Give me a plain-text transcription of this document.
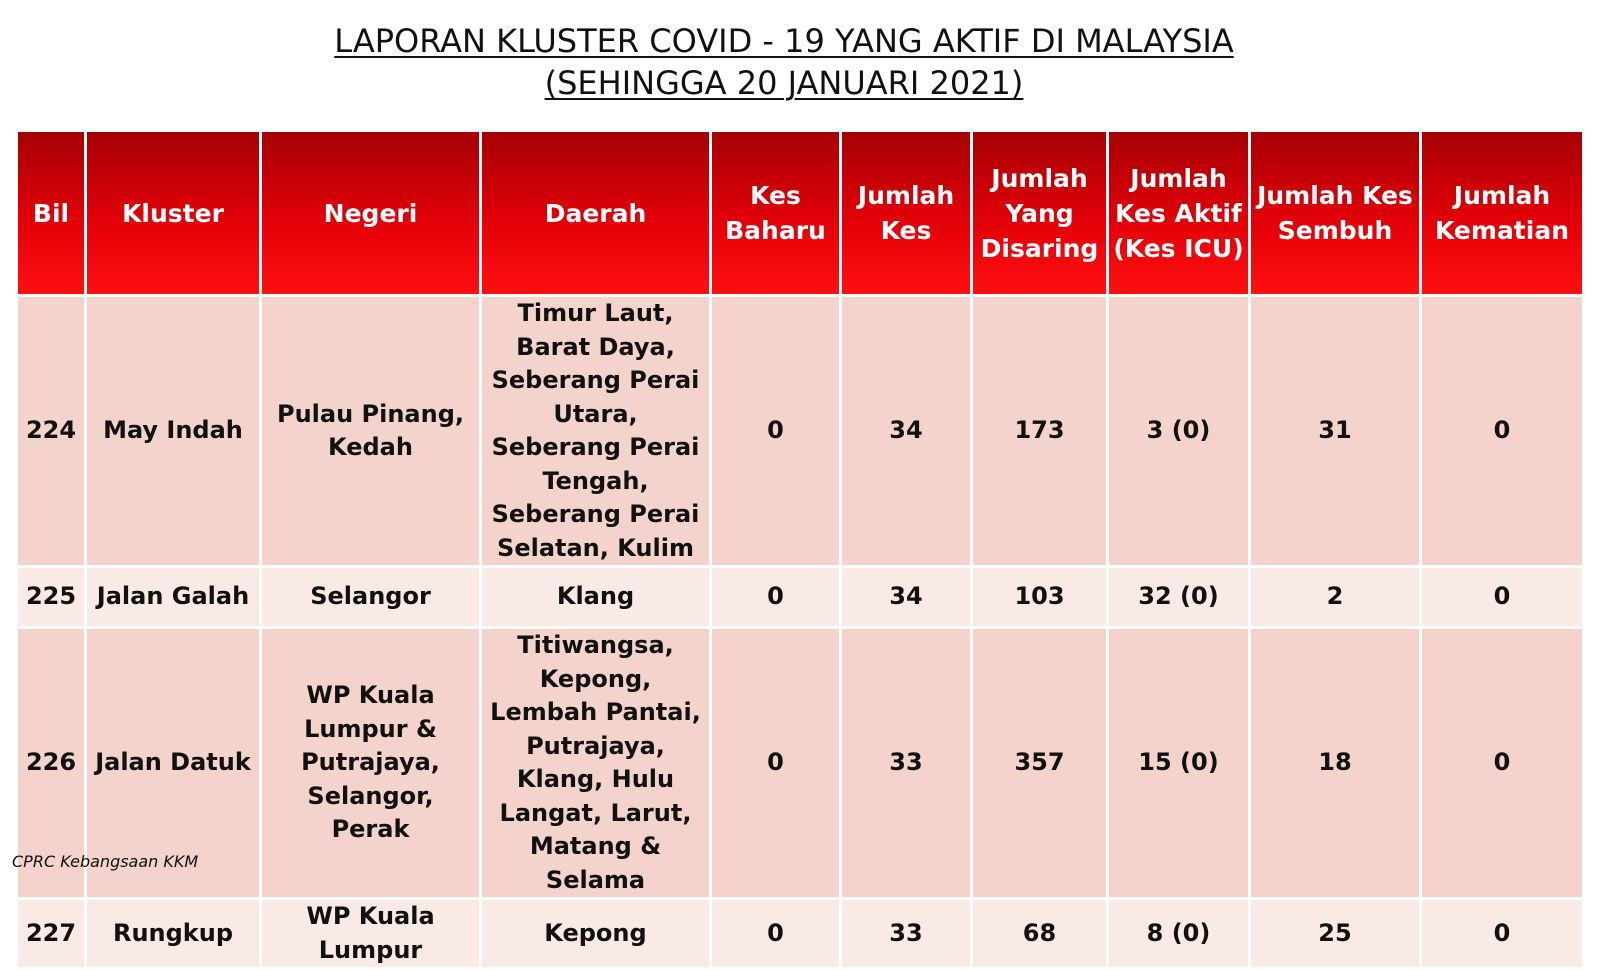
LAPORAN KLUSTER COVID - 19 YANG AKTIF DI MALAYSIA
(SEHINGGA 20 JANUARI 2021)
Bil	Kluster	Negeri	Daerah	Kes Baharu	Jumlah Kes	Jumlah Yang Disaring	Jumlah Kes Aktif (Kes ICU)	Jumlah Kes Sembuh	Jumlah Kematian
224	May Indah	Pulau Pinang, Kedah	Timur Laut, Barat Daya, Seberang Perai Utara, Seberang Perai Tengah, Seberang Perai Selatan, Kulim	0	34	173	3 (0)	31	0
225	Jalan Galah	Selangor	Klang	0	34	103	32 (0)	2	0
226	Jalan Datuk	WP Kuala Lumpur & Putrajaya, Selangor, Perak	Titiwangsa, Kepong, Lembah Pantai, Putrajaya, Klang, Hulu Langat, Larut, Matang & Selama	0	33	357	15 (0)	18	0
227	Rungkup	WP Kuala Lumpur	Kepong	0	33	68	8 (0)	25	0
CPRC Kebangsaan KKM
